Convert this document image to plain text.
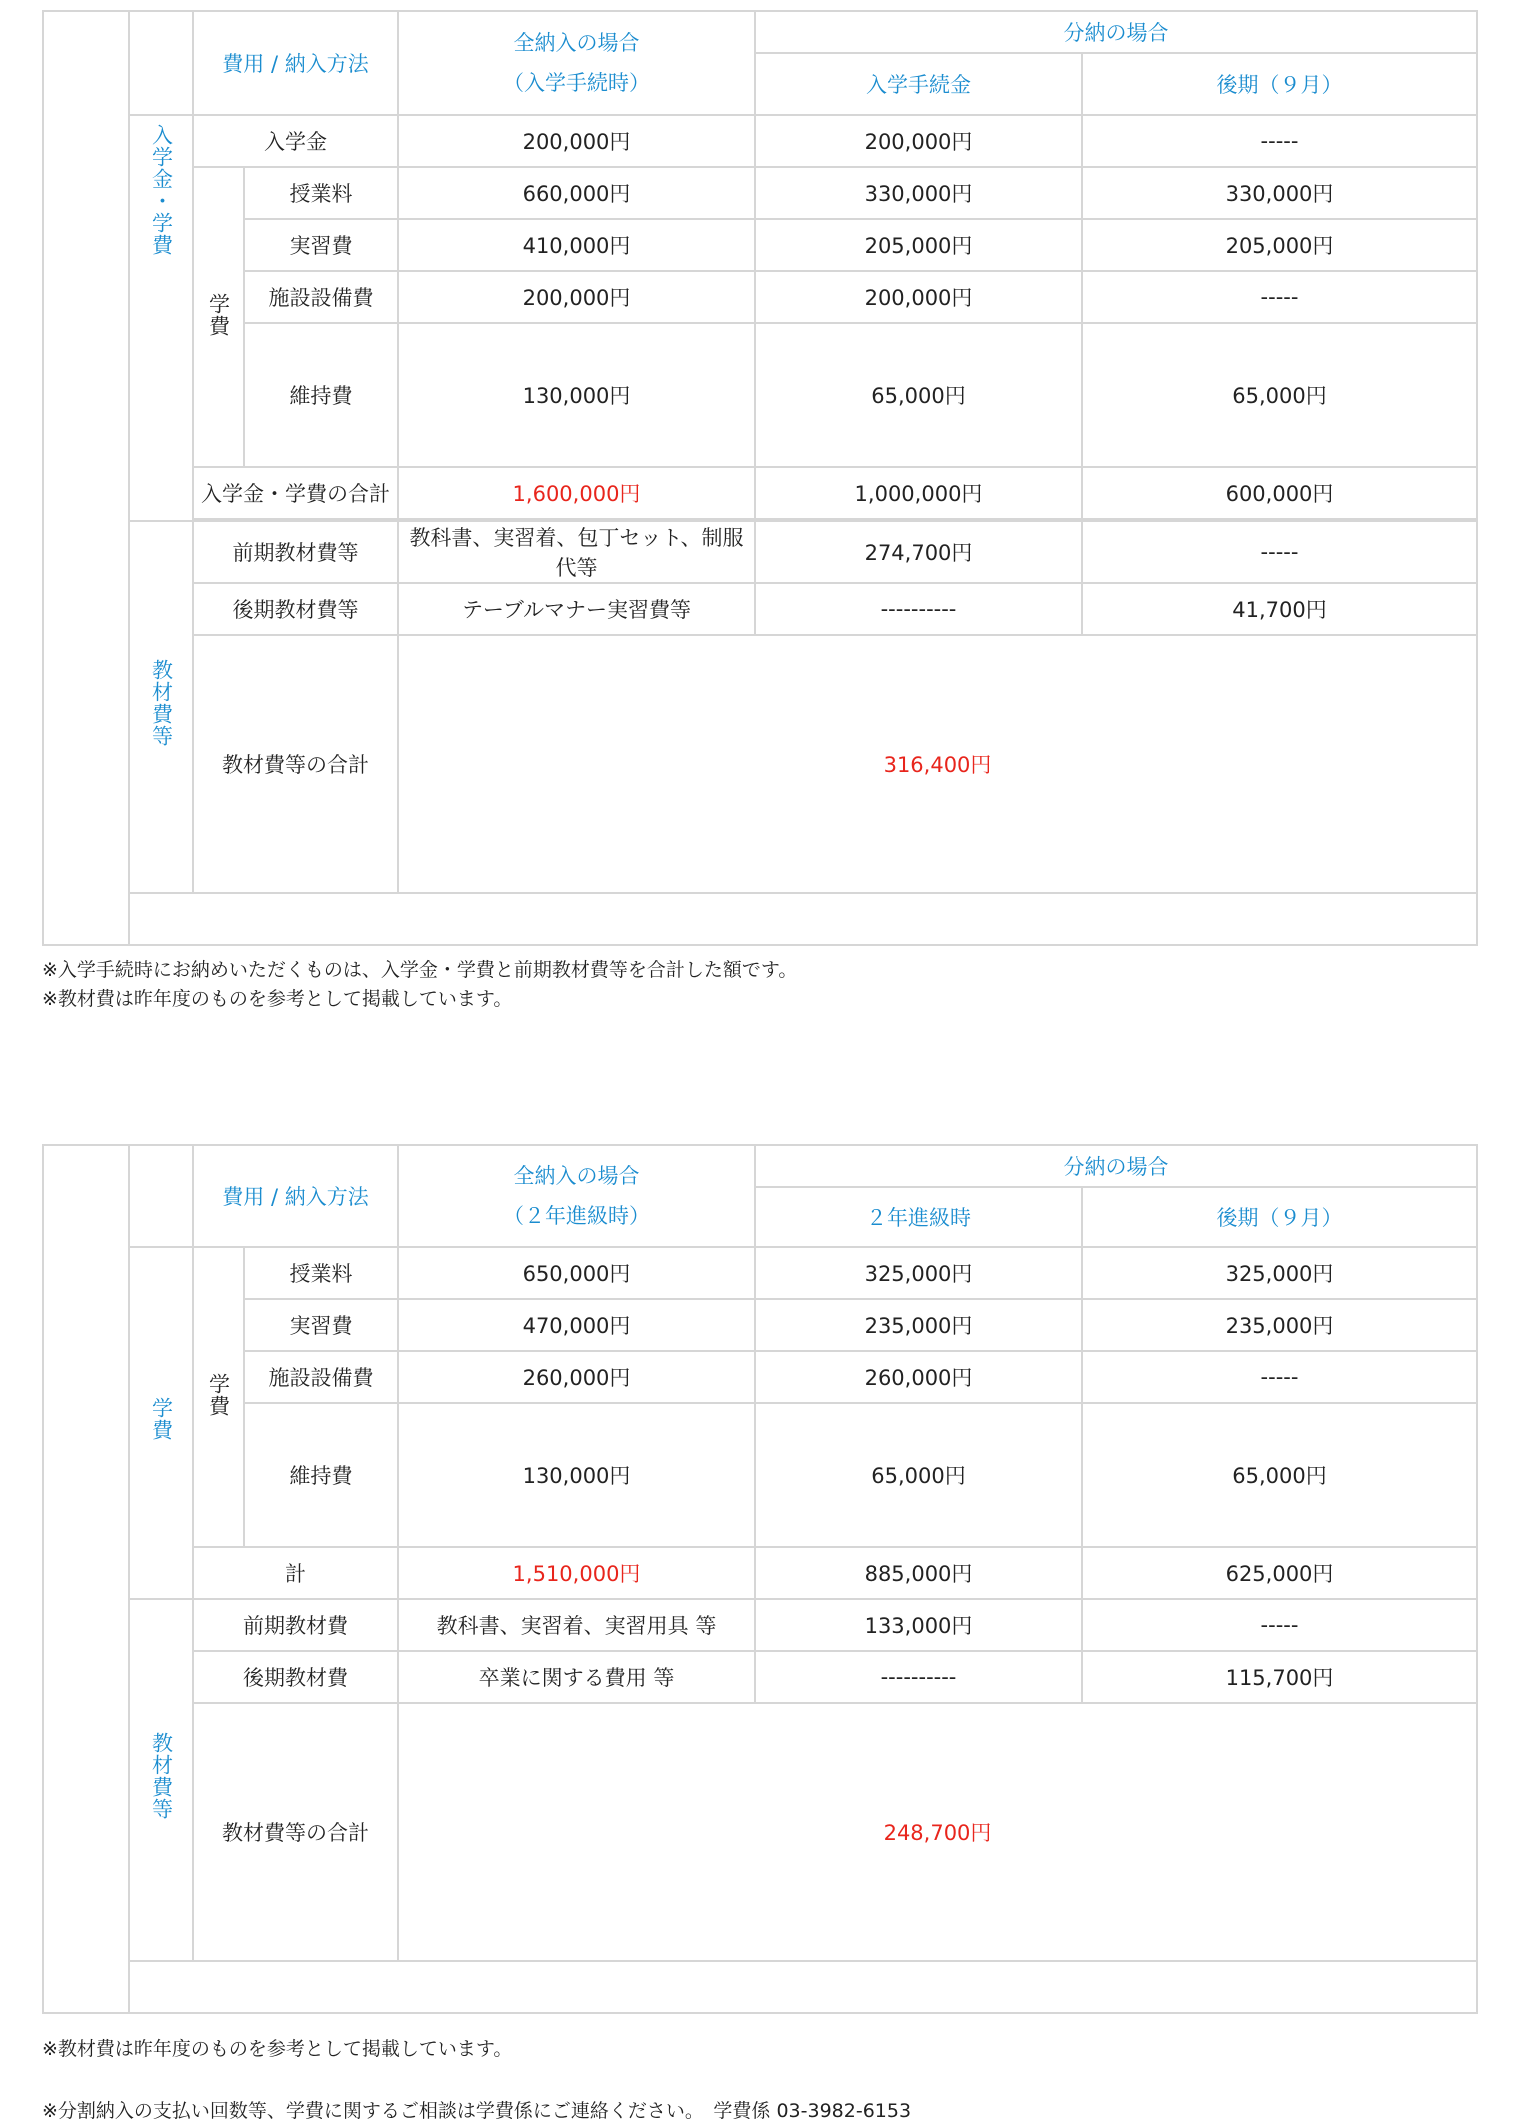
高度調理製菓科（一年次）		費用 / 納入方法		全納入の場合
（入学手続時）	分納の場合	
					入学手続金	後期（９月）
	入学金・学費	入学金		200,000円	200,000円	-----
		学費	授業料	660,000円	330,000円	330,000円
			実習費	410,000円	205,000円	205,000円
			施設設備費	200,000円	200,000円	-----
			維持費	130,000円	65,000円	65,000円
		入学金・学費の合計		1,600,000円	1,000,000円	600,000円

	教材費等	前期教材費等		教科書、実習着、包丁セット、制服代等	274,700円	-----
		後期教材費等		テーブルマナー実習費等	----------	41,700円
		教材費等の合計		316,400円		

※入学手続時にお納めいただくものは、入学金・学費と前期教材費等を合計した額です。

※教材費は昨年度のものを参考として掲載しています。

高度調理製菓科（二年次）		費用 / 納入方法		全納入の場合
（２年進級時）	分納の場合	
					２年進級時	後期（９月）
	学費	学費	授業料	650,000円	325,000円	325,000円
			実習費	470,000円	235,000円	235,000円
			施設設備費	260,000円	260,000円	-----
			維持費	130,000円	65,000円	65,000円
		計		1,510,000円	885,000円	625,000円
	教材費等	前期教材費		教科書、実習着、実習用具 等	133,000円	-----
		後期教材費		卒業に関する費用 等	----------	115,700円
		教材費等の合計		248,700円		

※教材費は昨年度のものを参考として掲載しています。

※分割納入の支払い回数等、学費に関するご相談は学費係にご連絡ください。　学費係 03-3982-6153
